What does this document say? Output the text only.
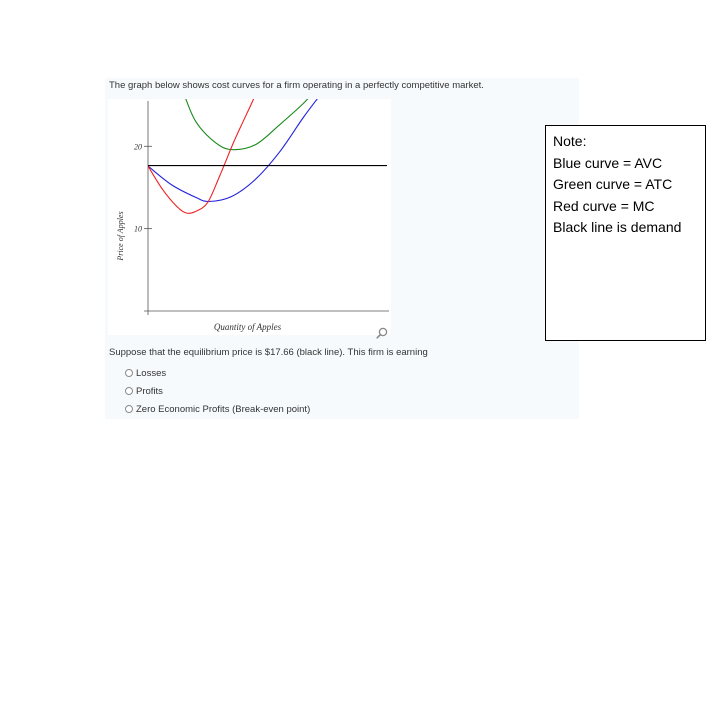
The graph below shows cost curves for a firm operating in a perfectly competitive market.
10
20
Quantity of Apples
Price of Apples
Suppose that the equilibrium price is $17.66 (black line). This firm is earning
Losses
Profits
Zero Economic Profits (Break-even point)
Note:
Blue curve = AVC
Green curve = ATC
Red curve = MC
Black line is demand
